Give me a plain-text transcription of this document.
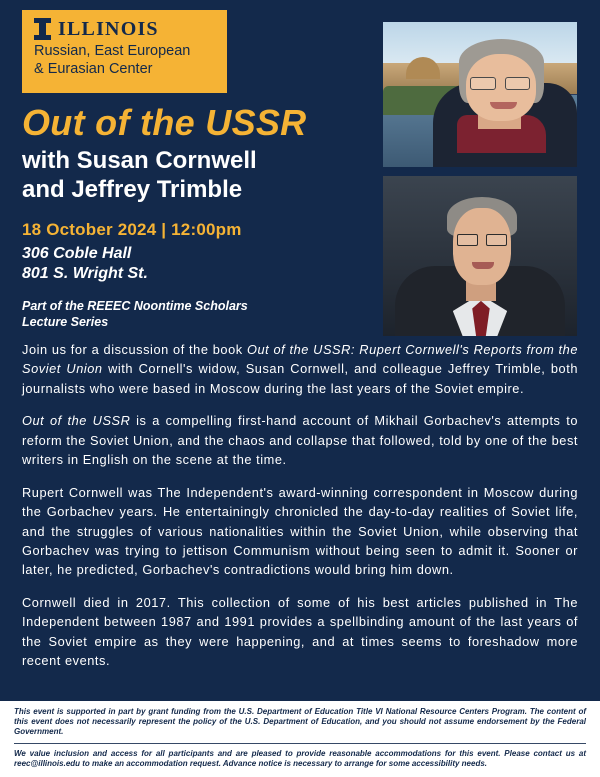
ILLINOIS
Russian, East European
& Eurasian Center
Out of the USSR
with Susan Cornwell
and Jeffrey Trimble
18 October 2024 | 12:00pm
306 Coble Hall
801 S. Wright St.
Part of the REEEC Noontime Scholars
Lecture Series

Join us for a discussion of the book Out of the USSR: Rupert Cornwell's Reports from the Soviet Union with Cornell's widow, Susan Cornwell, and colleague Jeffrey Trimble, both journalists who were based in Moscow during the last years of the Soviet empire.

Out of the USSR is a compelling first-hand account of Mikhail Gorbachev's attempts to reform the Soviet Union, and the chaos and collapse that followed, told by one of the best writers in English on the scene at the time.

Rupert Cornwell was The Independent's award-winning correspondent in Moscow during the Gorbachev years. He entertainingly chronicled the day-to-day realities of Soviet life, and the struggles of various nationalities within the Soviet Union, while observing that Gorbachev was trying to jettison Communism without being seen to admit it. Sooner or later, he predicted, Gorbachev's contradictions would bring him down.

Cornwell died in 2017. This collection of some of his best articles published in The Independent between 1987 and 1991 provides a spellbinding amount of the last years of the Soviet empire as they were happening, and at times seems to foreshadow more recent events.

This event is supported in part by grant funding from the U.S. Department of Education Title VI National Resource Centers Program. The content of this event does not necessarily represent the policy of the U.S. Department of Education, and you should not assume endorsement by the Federal Government.
We value inclusion and access for all participants and are pleased to provide reasonable accommodations for this event. Please contact us at reec@illinois.edu to make an accommodation request. Advance notice is necessary to arrange for some accessibility needs.
